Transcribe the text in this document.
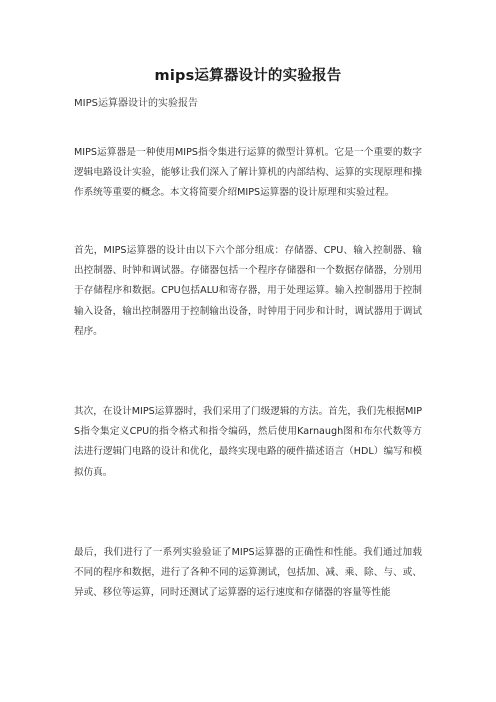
mips运算器设计的实验报告
MIPS运算器设计的实验报告

MIPS运算器是一种使用MIPS指令集进行运算的微型计算机。它是一个重要的数字逻辑电路设计实验，能够让我们深入了解计算机的内部结构、运算的实现原理和操作系统等重要的概念。本文将简要介绍MIPS运算器的设计原理和实验过程。

首先，MIPS运算器的设计由以下六个部分组成：存储器、CPU、输入控制器、输出控制器、时钟和调试器。存储器包括一个程序存储器和一个数据存储器，分别用于存储程序和数据。CPU包括ALU和寄存器，用于处理运算。输入控制器用于控制输入设备，输出控制器用于控制输出设备，时钟用于同步和计时，调试器用于调试程序。

其次，在设计MIPS运算器时，我们采用了门级逻辑的方法。首先，我们先根据MIPS指令集定义CPU的指令格式和指令编码，然后使用Karnaugh图和布尔代数等方法进行逻辑门电路的设计和优化，最终实现电路的硬件描述语言（HDL）编写和模拟仿真。

最后，我们进行了一系列实验验证了MIPS运算器的正确性和性能。我们通过加载不同的程序和数据，进行了各种不同的运算测试，包括加、减、乘、除、与、或、异或、移位等运算，同时还测试了运算器的运行速度和存储器的容量等性能
